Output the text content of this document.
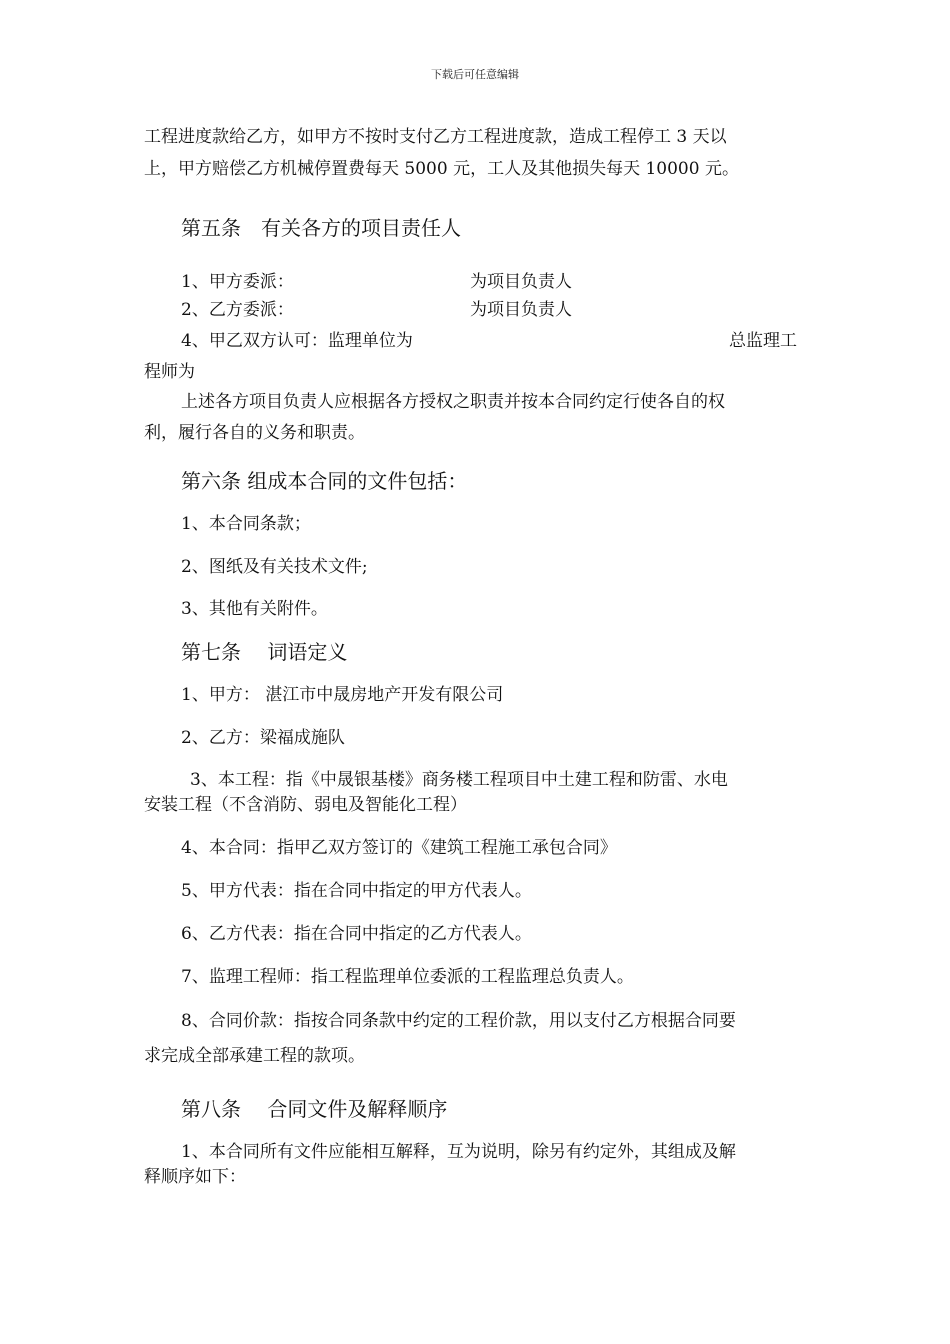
下载后可任意编辑
工程进度款给乙方，如甲方不按时支付乙方工程进度款，造成工程停工 3 天以
上，甲方赔偿乙方机械停置费每天 5000 元，工人及其他损失每天 10000 元。
第五条　有关各方的项目责任人
1、甲方委派：	为项目负责人
2、乙方委派：	为项目负责人
4、甲乙双方认可：监理单位为	总监理工
程师为
上述各方项目负责人应根据各方授权之职责并按本合同约定行使各自的权
利，履行各自的义务和职责。
第六条 组成本合同的文件包括：
1、本合同条款；
2、图纸及有关技术文件;
3、其他有关附件。
第七条　 词语定义
1、甲方： 湛江市中晟房地产开发有限公司
2、乙方：梁福成施队
3、本工程：指《中晟银基楼》商务楼工程项目中土建工程和防雷、水电
安装工程（不含消防、弱电及智能化工程）
4、本合同：指甲乙双方签订的《建筑工程施工承包合同》
5、甲方代表：指在合同中指定的甲方代表人。
6、乙方代表：指在合同中指定的乙方代表人。
7、监理工程师：指工程监理单位委派的工程监理总负责人。
8、合同价款：指按合同条款中约定的工程价款，用以支付乙方根据合同要
求完成全部承建工程的款项。
第八条　 合同文件及解释顺序
1、本合同所有文件应能相互解释，互为说明，除另有约定外，其组成及解
释顺序如下：
